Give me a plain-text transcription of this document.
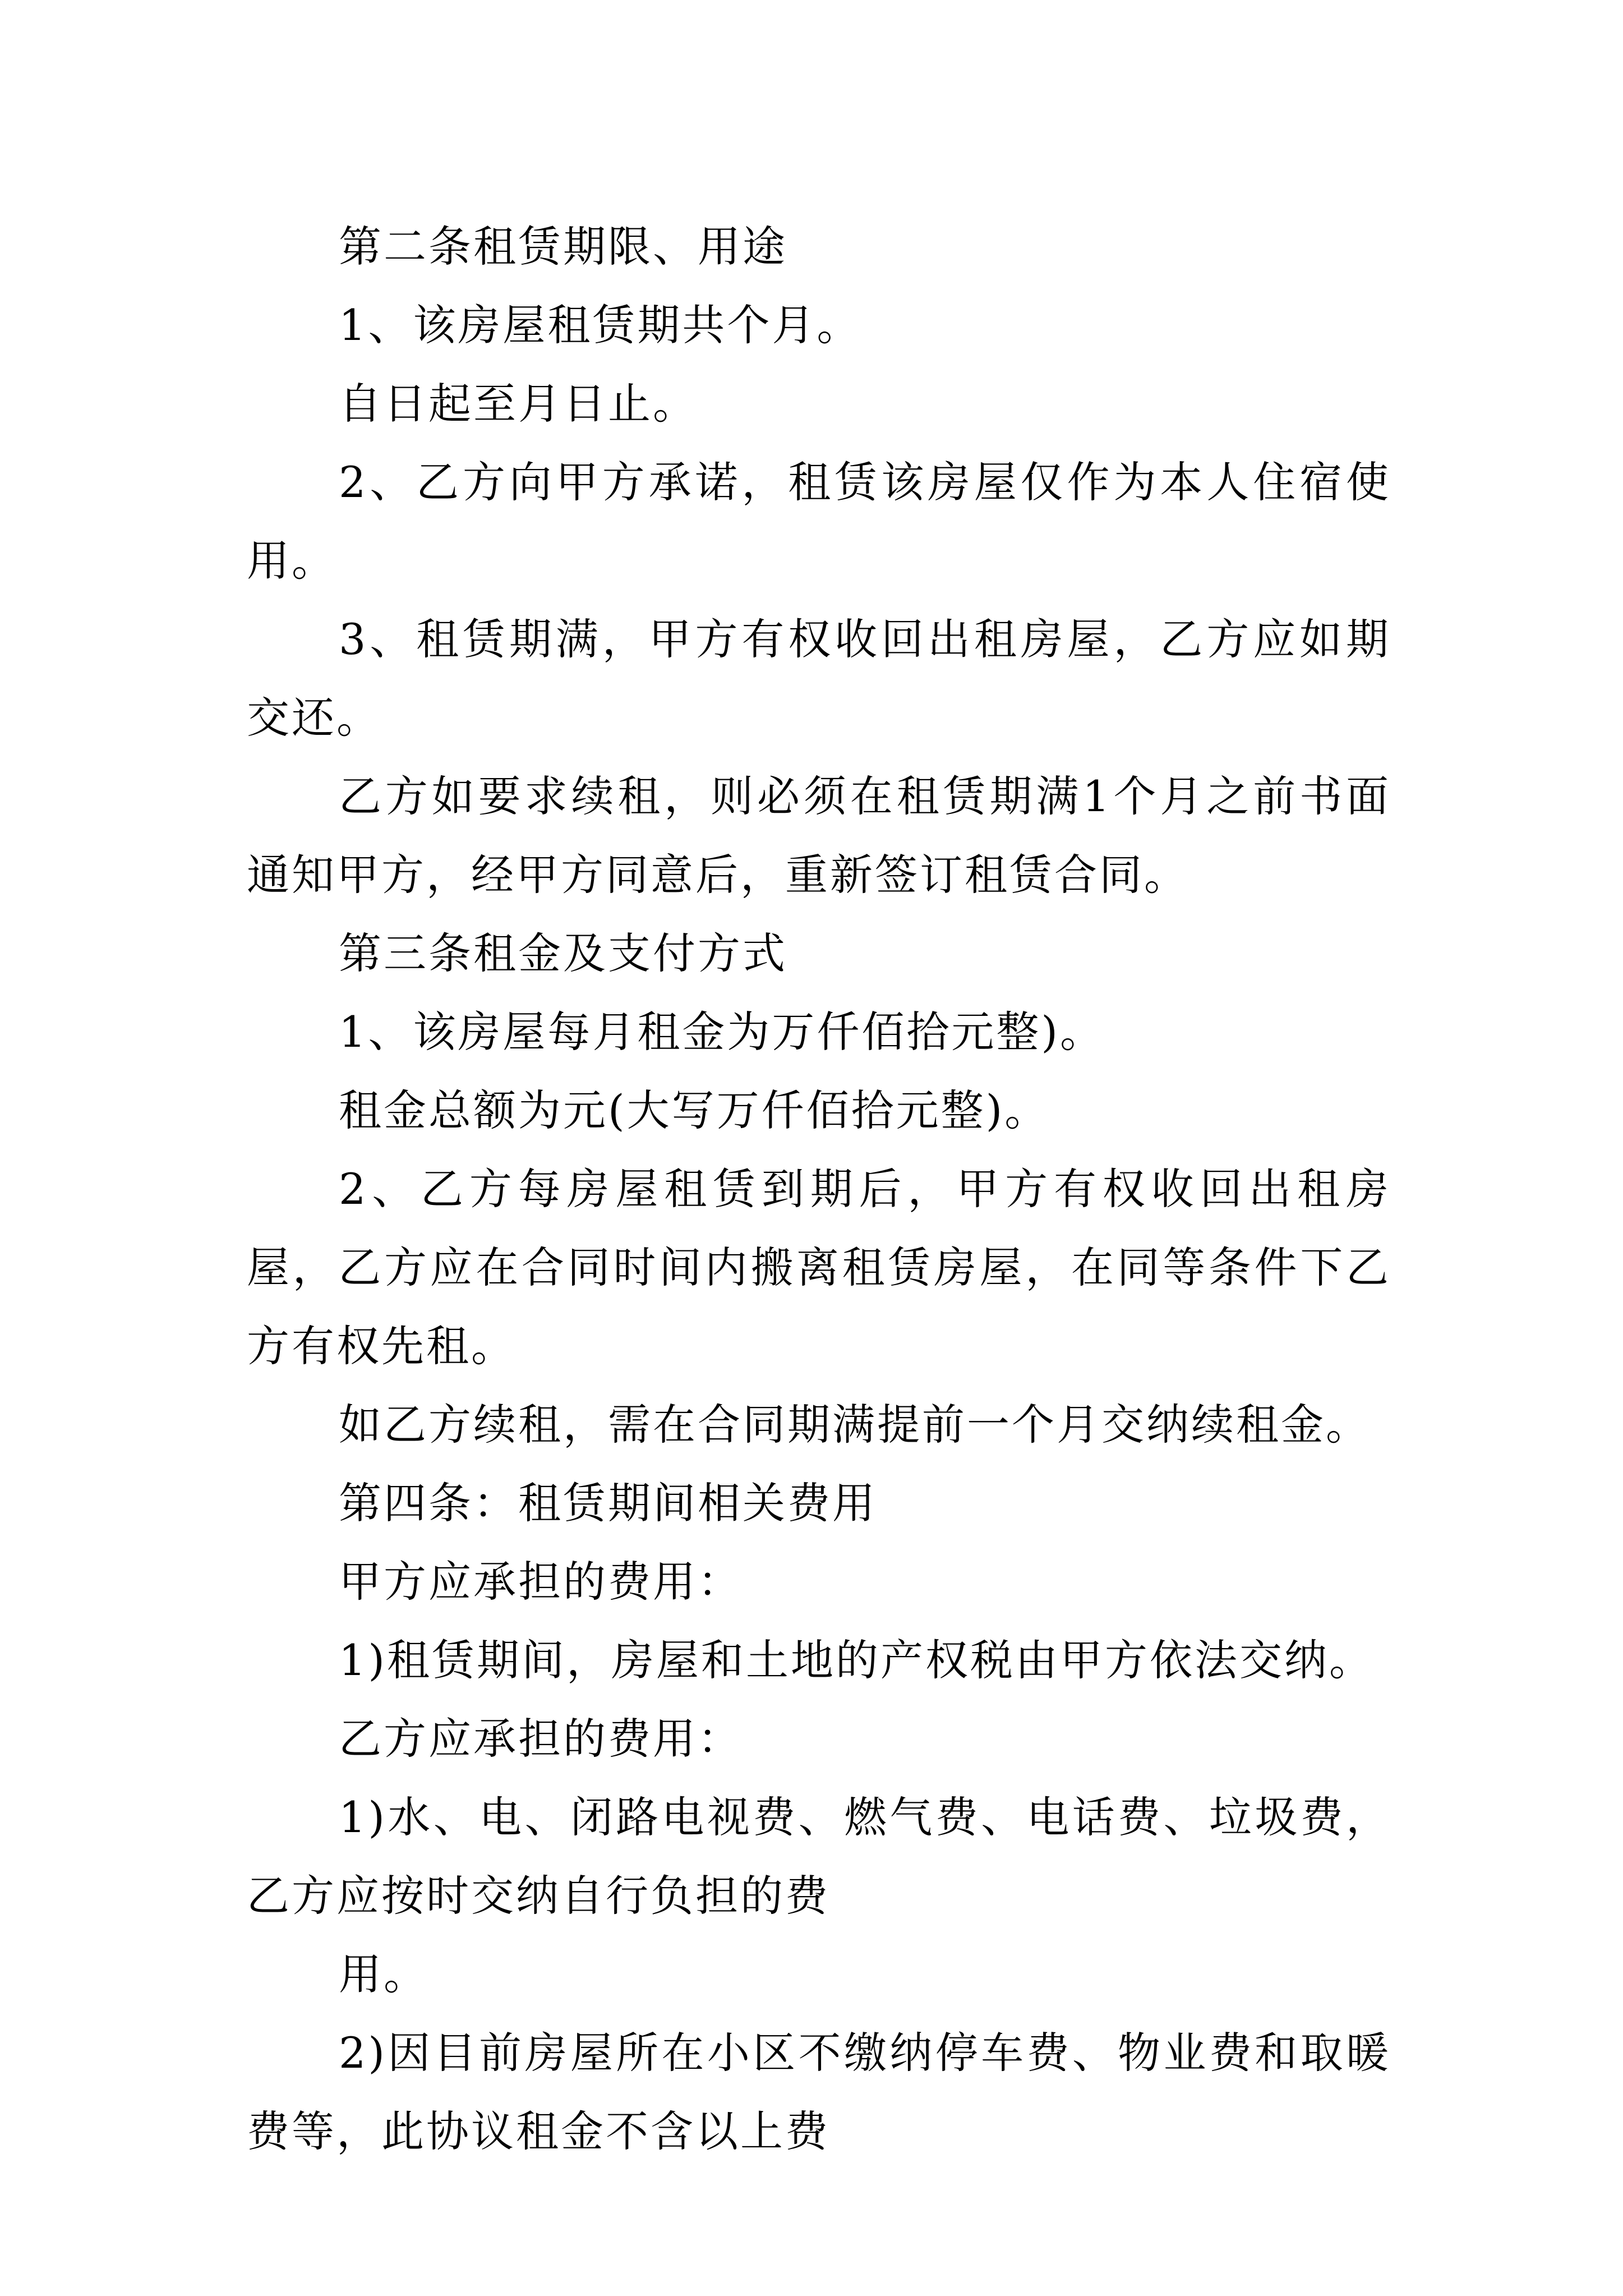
第二条租赁期限、用途

1、该房屋租赁期共个月。

自日起至月日止。

2、乙方向甲方承诺，租赁该房屋仅作为本人住宿使用。

3、租赁期满，甲方有权收回出租房屋，乙方应如期交还。

乙方如要求续租，则必须在租赁期满1个月之前书面通知甲方，经甲方同意后，重新签订租赁合同。

第三条租金及支付方式

1、该房屋每月租金为万仟佰拾元整)。

租金总额为元(大写万仟佰拾元整)。

2、乙方每房屋租赁到期后，甲方有权收回出租房屋，乙方应在合同时间内搬离租赁房屋，在同等条件下乙方有权先租。

如乙方续租，需在合同期满提前一个月交纳续租金。

第四条：租赁期间相关费用

甲方应承担的费用：

1)租赁期间，房屋和土地的产权税由甲方依法交纳。

乙方应承担的费用：

1)水、电、闭路电视费、燃气费、电话费、垃圾费，乙方应按时交纳自行负担的费

用。

2)因目前房屋所在小区不缴纳停车费、物业费和取暖费等，此协议租金不含以上费
